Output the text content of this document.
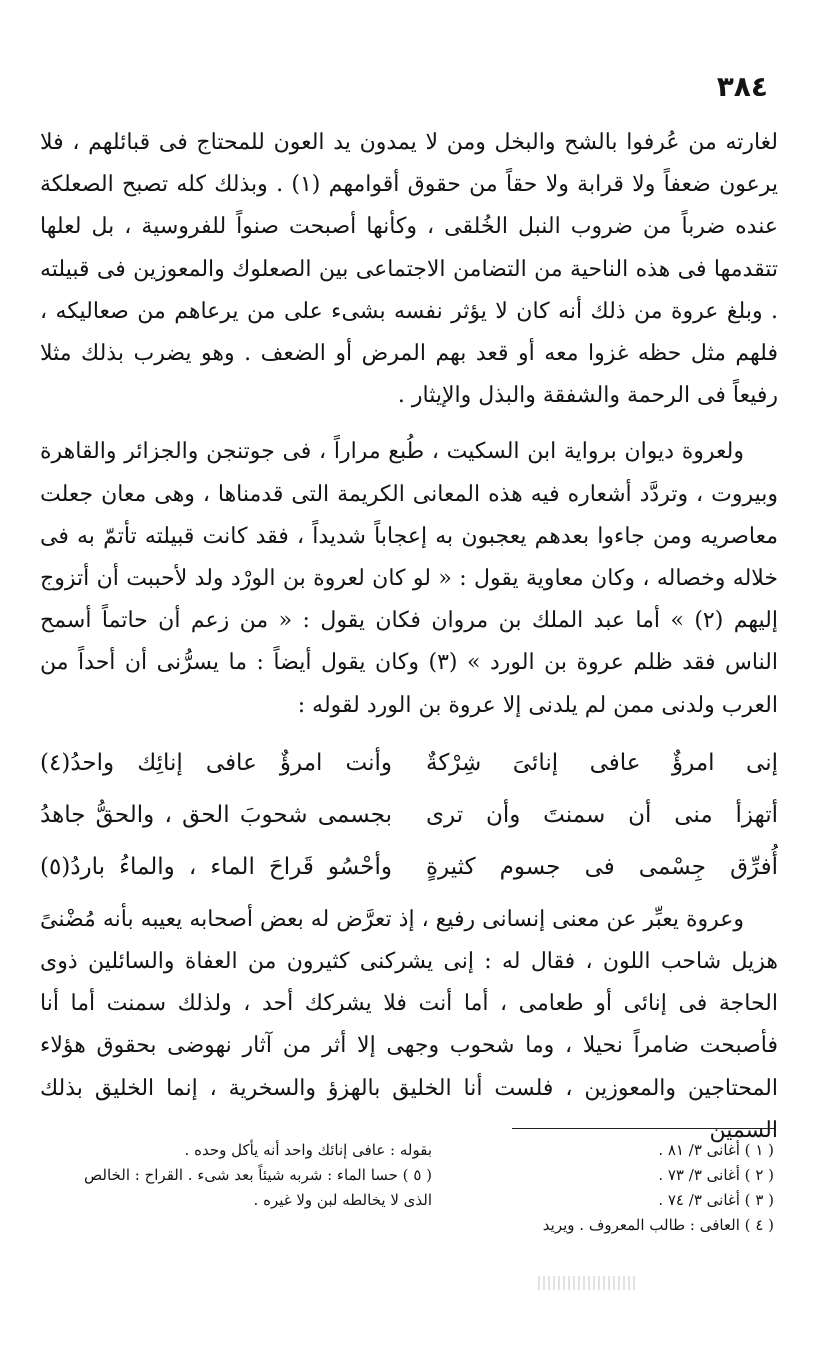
٣٨٤

لغارته من عُرفوا بالشح والبخل ومن لا يمدون يد العون للمحتاج فى قبائلهم ، فلا يرعون ضعفاً ولا قرابة ولا حقاً من حقوق أقوامهم (١) . وبذلك كله تصبح الصعلكة عنده ضرباً من ضروب النبل الخُلقى ، وكأنها أصبحت صنواً للفروسية ، بل لعلها تتقدمها فى هذه الناحية من التضامن الاجتماعى بين الصعلوك والمعوزين فى قبيلته . وبلغ عروة من ذلك أنه كان لا يؤثر نفسه بشىء على من يرعاهم من صعاليكه ، فلهم مثل حظه غزوا معه أو قعد بهم المرض أو الضعف . وهو يضرب بذلك مثلا رفيعاً فى الرحمة والشفقة والبذل والإيثار .

ولعروة ديوان برواية ابن السكيت ، طُبع مراراً ، فى جوتنجن والجزائر والقاهرة وبيروت ، وتردَّد أشعاره فيه هذه المعانى الكريمة التى قدمناها ، وهى معان جعلت معاصريه ومن جاءوا بعدهم يعجبون به إعجاباً شديداً ، فقد كانت قبيلته تأتمّ به فى خلاله وخصاله ، وكان معاوية يقول : « لو كان لعروة بن الورْد ولد لأحببت أن أتزوج إليهم (٢) » أما عبد الملك بن مروان فكان يقول : « من زعم أن حاتماً أسمح الناس فقد ظلم عروة بن الورد » (٣) وكان يقول أيضاً : ما يسرُّنى أن أحداً من العرب ولدنى ممن لم يلدنى إلا عروة بن الورد لقوله :

إنى امرؤٌ عافى إنائىَ شِرْكةٌ
وأنت امرؤٌ عافى إنائِك واحدُ(٤)
أتهزأ منى أن سمنتَ وأن ترى
بجسمى شحوبَ الحق ، والحقُّ جاهدُ
أُفرِّق جِسْمى فى جسوم كثيرةٍ
وأحْسُو قَراحَ الماء ، والماءُ باردُ(٥)

وعروة يعبِّر عن معنى إنسانى رفيع ، إذ تعرَّض له بعض أصحابه يعيبه بأنه مُضْنىً هزيل شاحب اللون ، فقال له : إنى يشركنى كثيرون من العفاة والسائلين ذوى الحاجة فى إنائى أو طعامى ، أما أنت فلا يشركك أحد ، ولذلك سمنت أما أنا فأصبحت ضامراً نحيلا ، وما شحوب وجهى إلا أثر من آثار نهوضى بحقوق هؤلاء المحتاجين والمعوزين ، فلست أنا الخليق بالهزؤ والسخرية ، إنما الخليق بذلك السمين

( ١ ) أغانى ٣/ ٨١ .
( ٢ ) أغانى ٣/ ٧٣ .
( ٣ ) أغانى ٣/ ٧٤ .
( ٤ ) العافى : طالب المعروف . ويريد
بقوله : عافى إنائك واحد أنه يأكل وحده .
( ٥ ) حسا الماء : شربه شيئاً بعد شىء . القراح : الخالص الذى لا يخالطه لبن ولا غيره .
